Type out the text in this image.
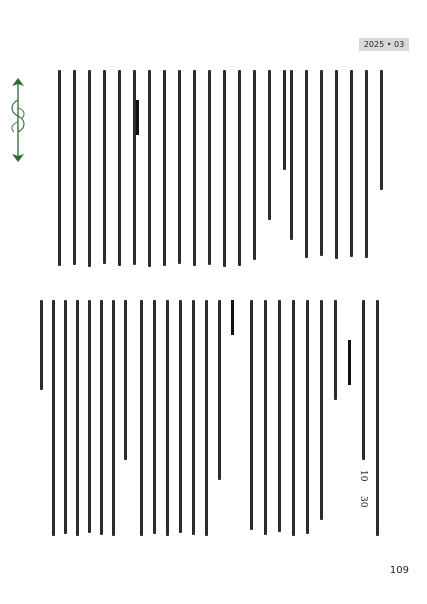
2025 • 03
10
30
109
